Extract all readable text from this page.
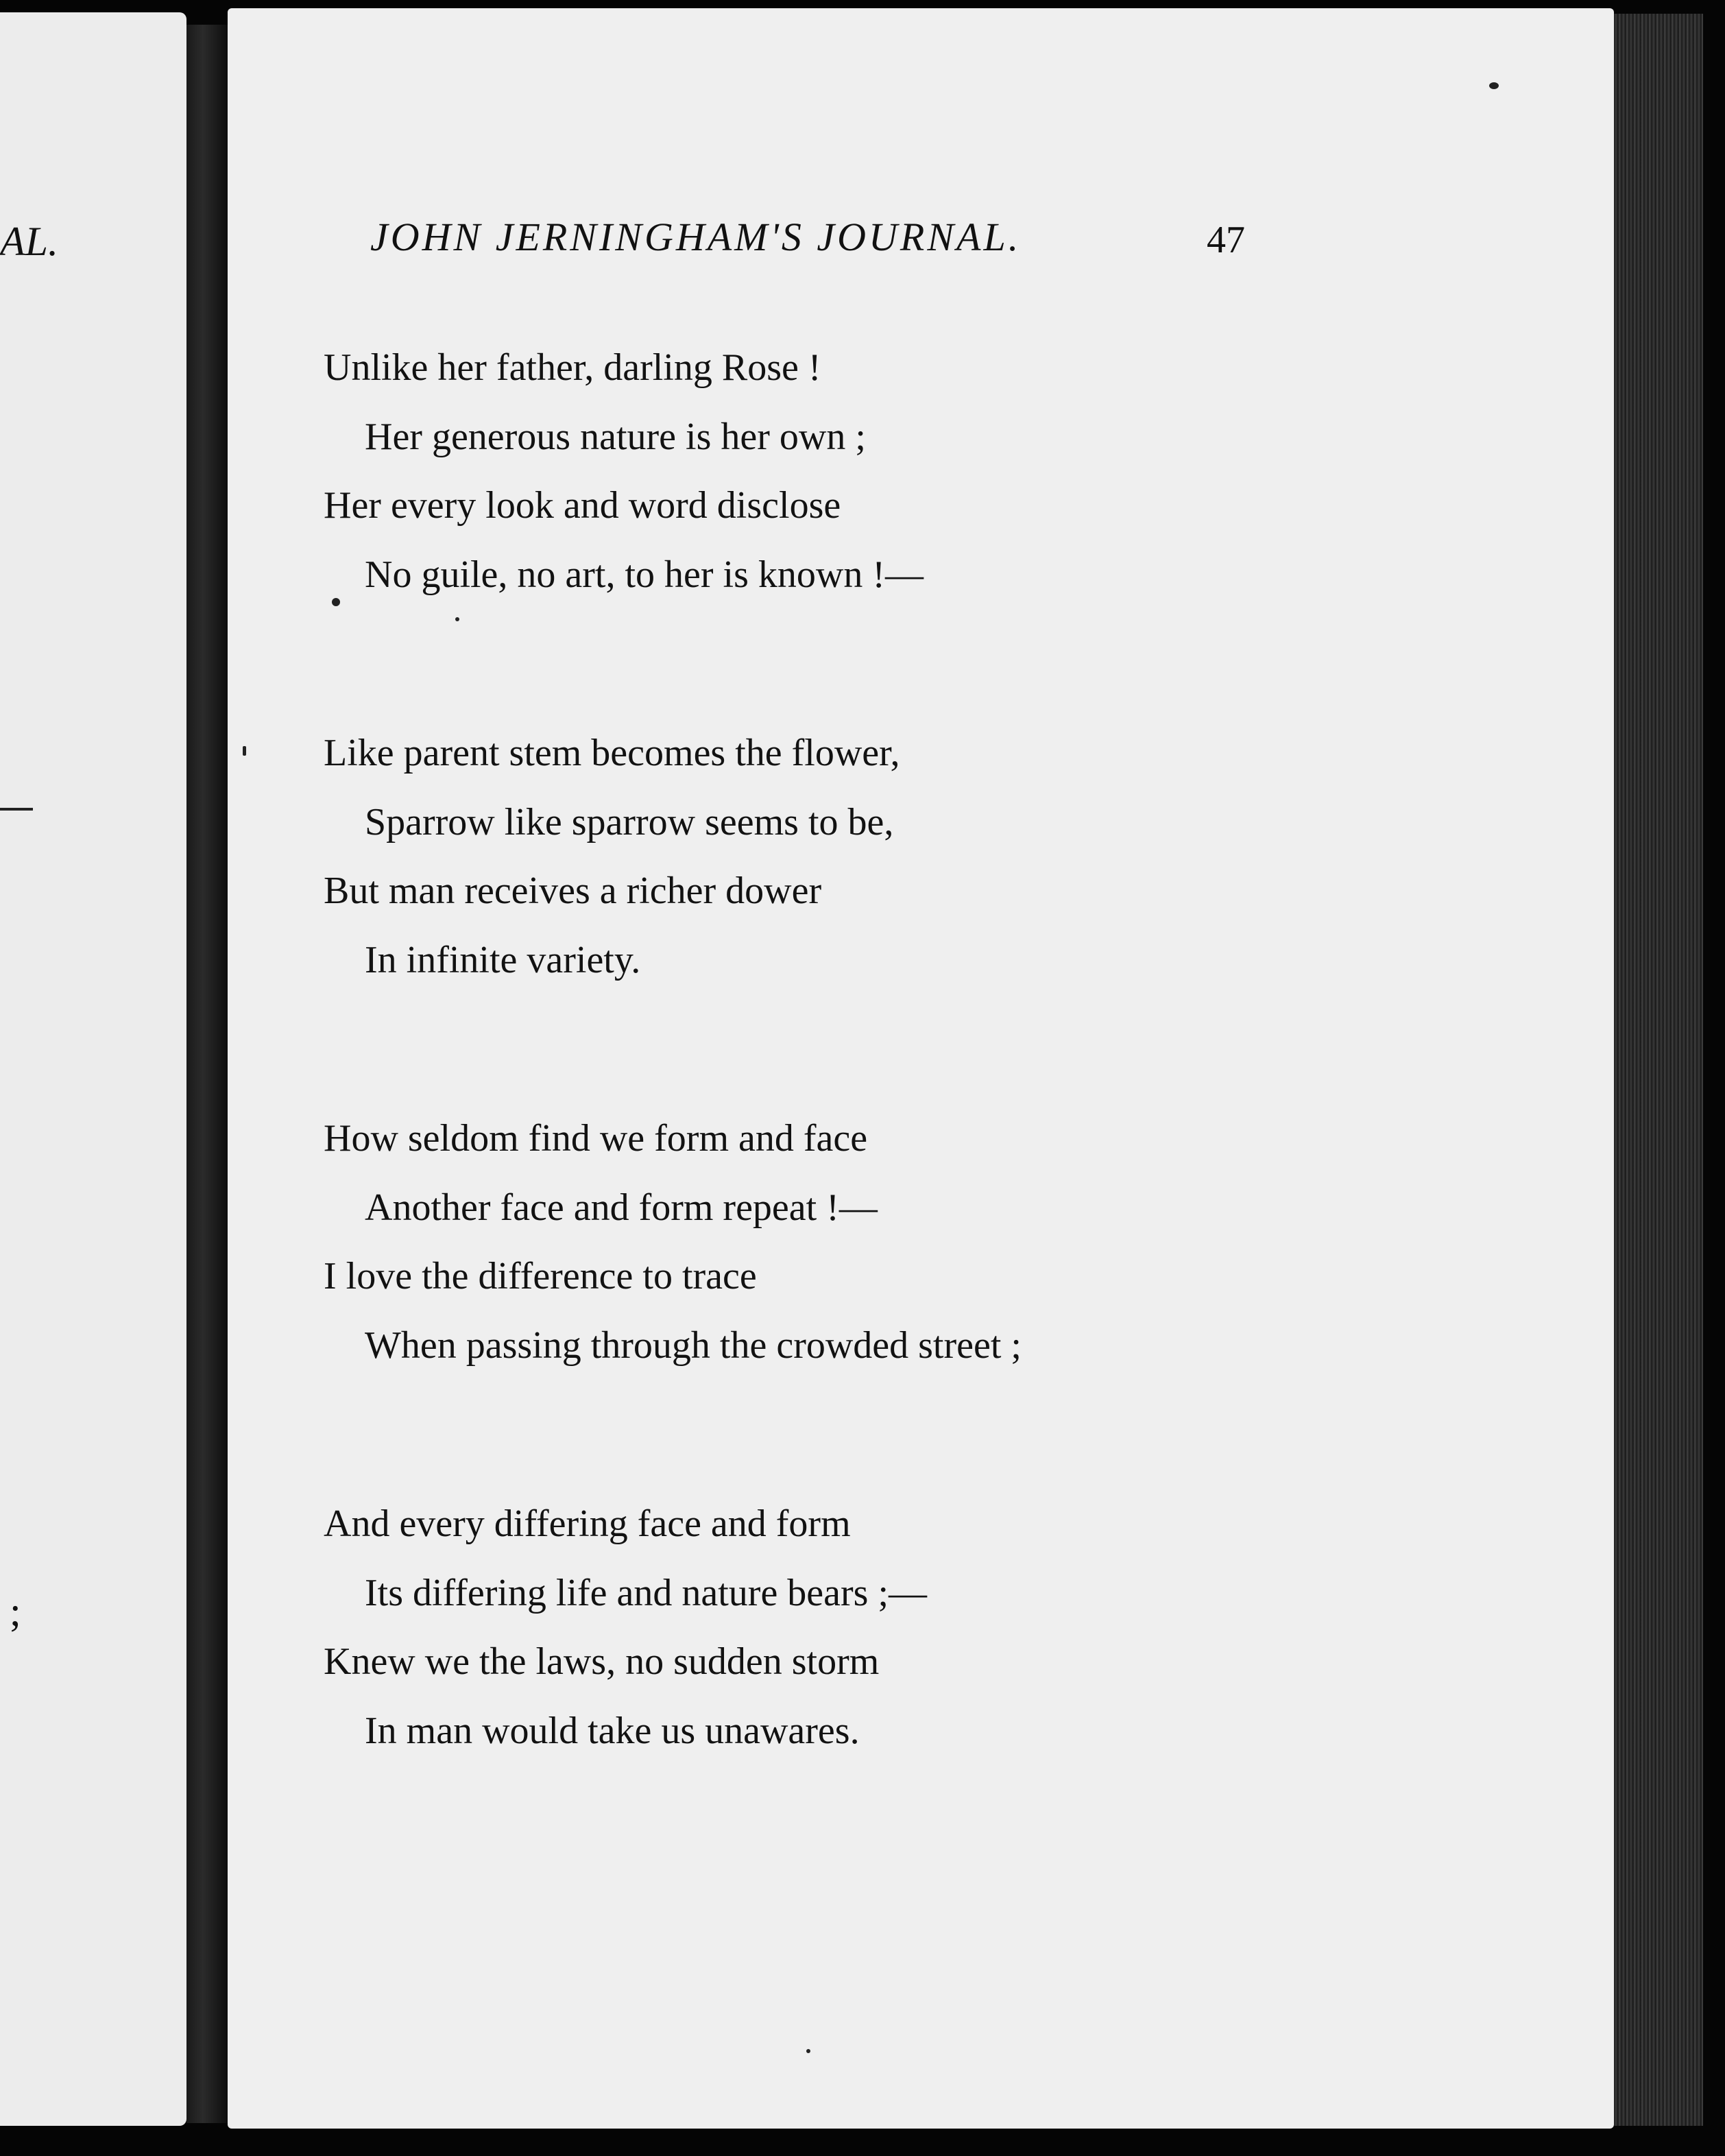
AL.
;
JOHN JERNINGHAM'S JOURNAL.	47
Unlike her father, darling Rose !
Her generous nature is her own ;
Her every look and word disclose
No guile, no art, to her is known !—
Like parent stem becomes the flower,
Sparrow like sparrow seems to be,
But man receives a richer dower
In infinite variety.
How seldom find we form and face
Another face and form repeat !—
I love the difference to trace
When passing through the crowded street ;
And every differing face and form
Its differing life and nature bears ;—
Knew we the laws, no sudden storm
In man would take us unawares.
